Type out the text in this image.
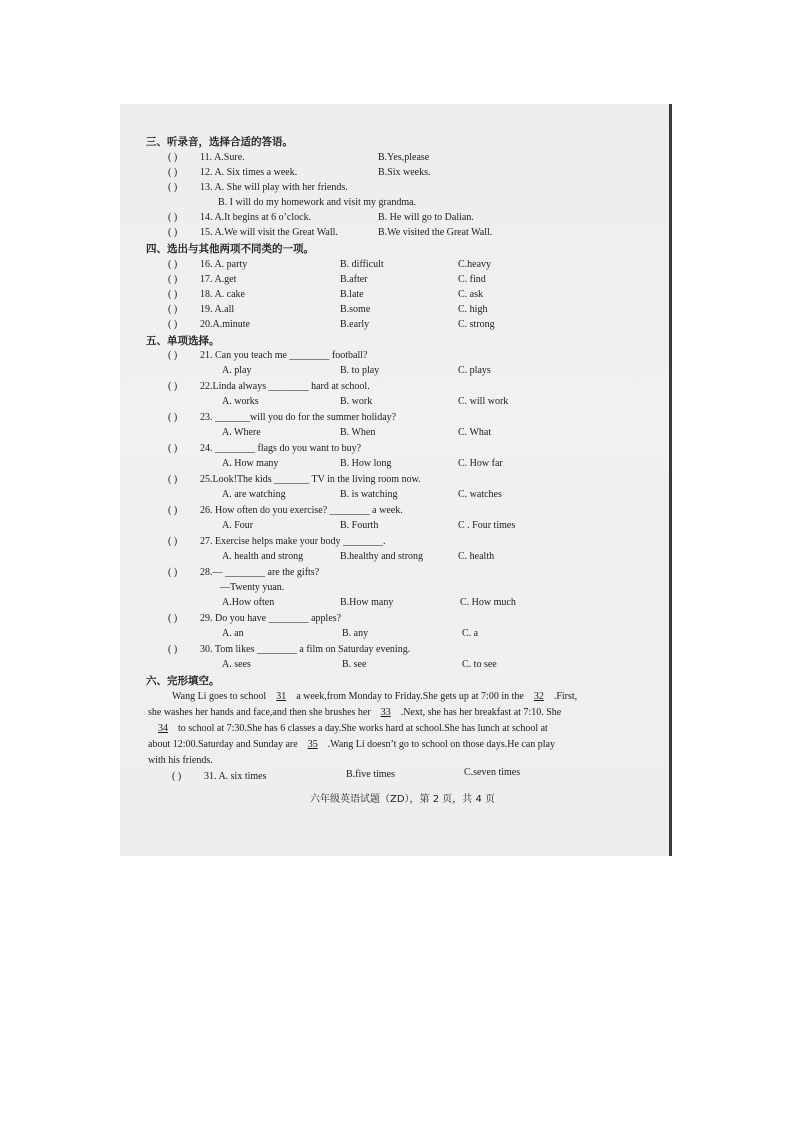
三、听录音，选择合适的答语。
( ) 11. A.Sure.	B.Yes,please
( ) 12. A. Six times a week.	B.Six weeks.
( ) 13. A. She will play with her friends.
B. I will do my homework and visit my grandma.
( ) 14. A.It begins at 6 o’clock.	B. He will go to Dalian.
( ) 15. A.We will visit the Great Wall.	B.We visited the Great Wall.
四、选出与其他两项不同类的一项。
( ) 16. A. party	B. difficult	C.heavy
( ) 17. A.get	B.after	C. find
( ) 18. A. cake	B.late	C. ask
( ) 19. A.all	B.some	C. high
( ) 20.A.minute	B.early	C. strong
五、单项选择。
( ) 21. Can you teach me ________ football?
A. play	B. to play	C. plays
( ) 22.Linda always ________ hard at school.
A. works	B. work	C. will work
( ) 23. _______will you do for the summer holiday?
A. Where	B. When	C. What
( ) 24. ________ flags do you want to buy?
A. How many	B. How long	C. How far
( ) 25.Look!The kids _______ TV in the living room now.
A. are watching	B. is watching	C. watches
( ) 26. How often do you exercise? ________ a week.
A. Four	B. Fourth	C . Four times
( ) 27. Exercise helps make your body ________.
A. health and strong	B.healthy and strong	C. health
( ) 28.— ________ are the gifts?
—Twenty yuan.
A.How often	B.How many	C. How much
( ) 29. Do you have ________ apples?
A. an	B. any	C. a
( ) 30. Tom likes ________ a film on Saturday evening.
A. sees	B. see	C. to see
六、完形填空。
Wang Li goes to school 31 a week,from Monday to Friday.She gets up at 7:00 in the 32 .First,
she washes her hands and face,and then she brushes her 33 .Next, she has her breakfast at 7:10. She
34 to school at 7:30.She has 6 classes a day.She works hard at school.She has lunch at school at
about 12:00.Saturday and Sunday are 35 .Wang Li doesn’t go to school on those days.He can play
with his friends.
( ) 31. A. six times	B.five times	C.seven times
六年级英语试题（ZD），第 2 页，共 4 页
